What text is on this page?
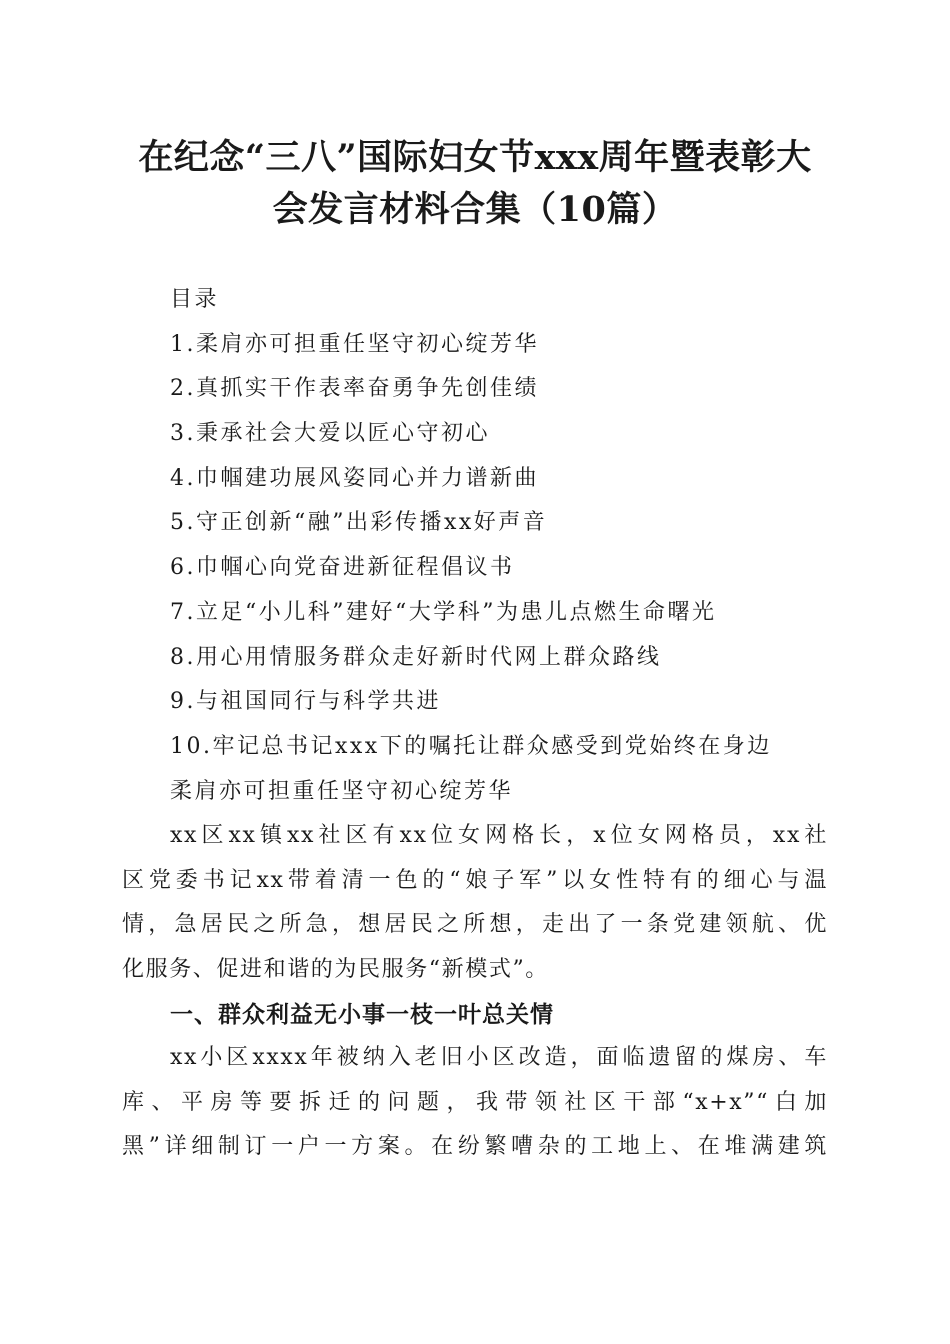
在纪念“三八”国际妇女节xxx周年暨表彰大
会发言材料合集（10篇）
目录
1.柔肩亦可担重任坚守初心绽芳华
2.真抓实干作表率奋勇争先创佳绩
3.秉承社会大爱以匠心守初心
4.巾帼建功展风姿同心并力谱新曲
5.守正创新“融”出彩传播xx好声音
6.巾帼心向党奋进新征程倡议书
7.立足“小儿科”建好“大学科”为患儿点燃生命曙光
8.用心用情服务群众走好新时代网上群众路线
9.与祖国同行与科学共进
10.牢记总书记xxx下的嘱托让群众感受到党始终在身边
柔肩亦可担重任坚守初心绽芳华
xx区xx镇xx社区有xx位女网格长，x位女网格员，xx社
区党委书记xx带着清一色的“娘子军”以女性特有的细心与温
情，急居民之所急，想居民之所想，走出了一条党建领航、优
化服务、促进和谐的为民服务“新模式”。
一、群众利益无小事一枝一叶总关情
xx小区xxxx年被纳入老旧小区改造，面临遗留的煤房、车
库、平房等要拆迁的问题，我带领社区干部“x+x”“白加
黑”详细制订一户一方案。在纷繁嘈杂的工地上、在堆满建筑
